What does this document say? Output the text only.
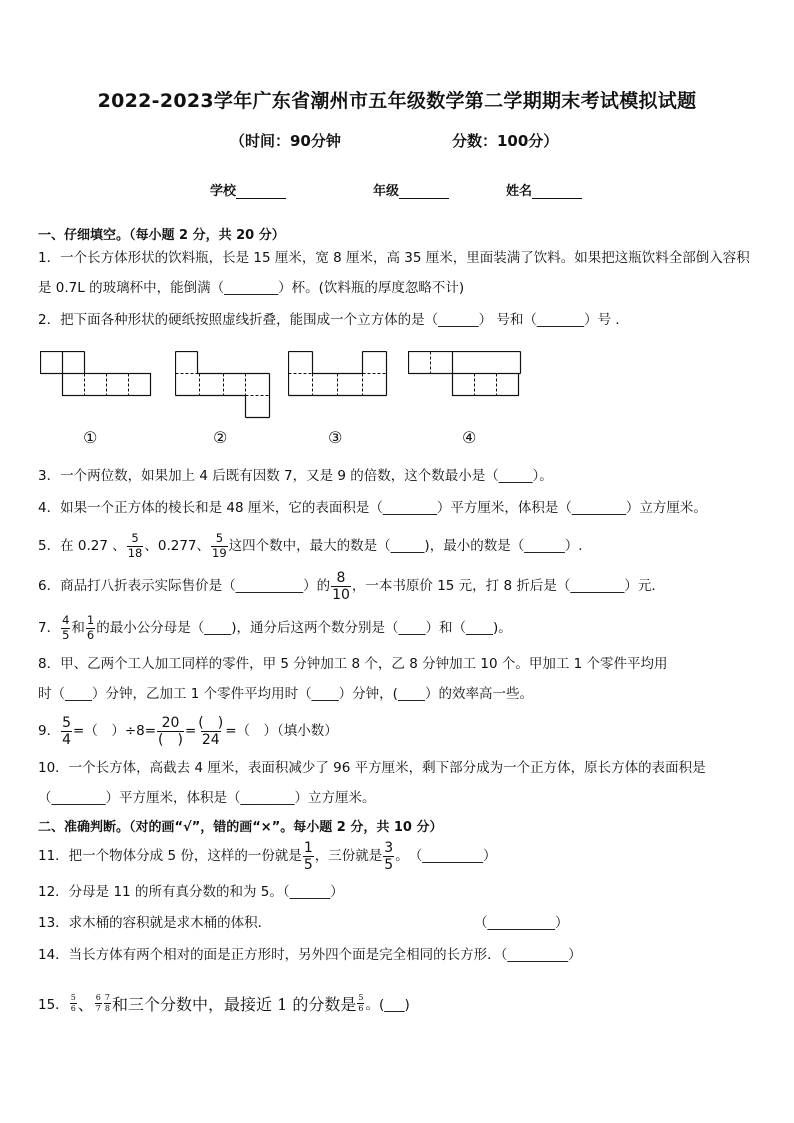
2022-2023学年广东省潮州市五年级数学第二学期期末考试模拟试题
（时间：90分钟	分数：100分）
学校	年级	姓名
一、仔细填空。（每小题 2 分，共 20 分）
1．一个长方体形状的饮料瓶，长是 15 厘米，宽 8 厘米，高 35 厘米，里面装满了饮料。如果把这瓶饮料全部倒入容积
是 0.7L 的玻璃杯中，能倒满（________）杯。(饮料瓶的厚度忽略不计)
2．把下面各种形状的硬纸按照虚线折叠，能围成一个立方体的是（______） 号和（_______）号 ．
①	②	③	④
3．一个两位数，如果加上 4 后既有因数 7，又是 9 的倍数，这个数最小是（_____）。
4．如果一个正方体的棱长和是 48 厘米，它的表面积是（________）平方厘米，体积是（________）立方厘米。
5．在 0.27 、 $\frac{5}{18}$ 、0.277、 $\frac{5}{19}$ 这四个数中，最大的数是（_____)，最小的数是（______）.
6．商品打八折表示实际售价是（__________）的 $\frac{8}{10}$ ，一本书原价 15 元，打 8 折后是（________）元.
7． $\frac{4}{5}$ 和 $\frac{1}{6}$ 的最小公分母是（____)，通分后这两个数分别是（____）和（____)。
8．甲、乙两个工人加工同样的零件，甲 5 分钟加工 8 个，乙 8 分钟加工 10 个。甲加工 1 个零件平均用
时（____）分钟，乙加工 1 个零件平均用时（____）分钟，(____）的效率高一些。
9． $\frac{5}{4}$ =（　）$\div 8= \frac{20}{( )} = \frac{( )}{24}$ =（　）（填小数）
10．一个长方体，高截去 4 厘米，表面积减少了 96 平方厘米，剩下部分成为一个正方体，原长方体的表面积是
（________）平方厘米，体积是（________）立方厘米。
二、准确判断。（对的画“√”，错的画“×”。每小题 2 分，共 10 分）
11．把一个物体分成 5 份，这样的一份就是 $\frac{1}{5}$ ，三份就是 $\frac{3}{5}$ 。　（_________）
12．分母是 11 的所有真分数的和为 5。（______）
13．求木桶的容积就是求木桶的体积．	（__________）
14．当长方体有两个相对的面是正方形时，另外四个面是完全相同的长方形．（_________）
15． $\frac{5}{6}$ 、 $\frac{6}{7} \frac{7}{8}$ 和 三个分数中，最接近 1 的分数是 $\frac{5}{6}$ 。(___)
